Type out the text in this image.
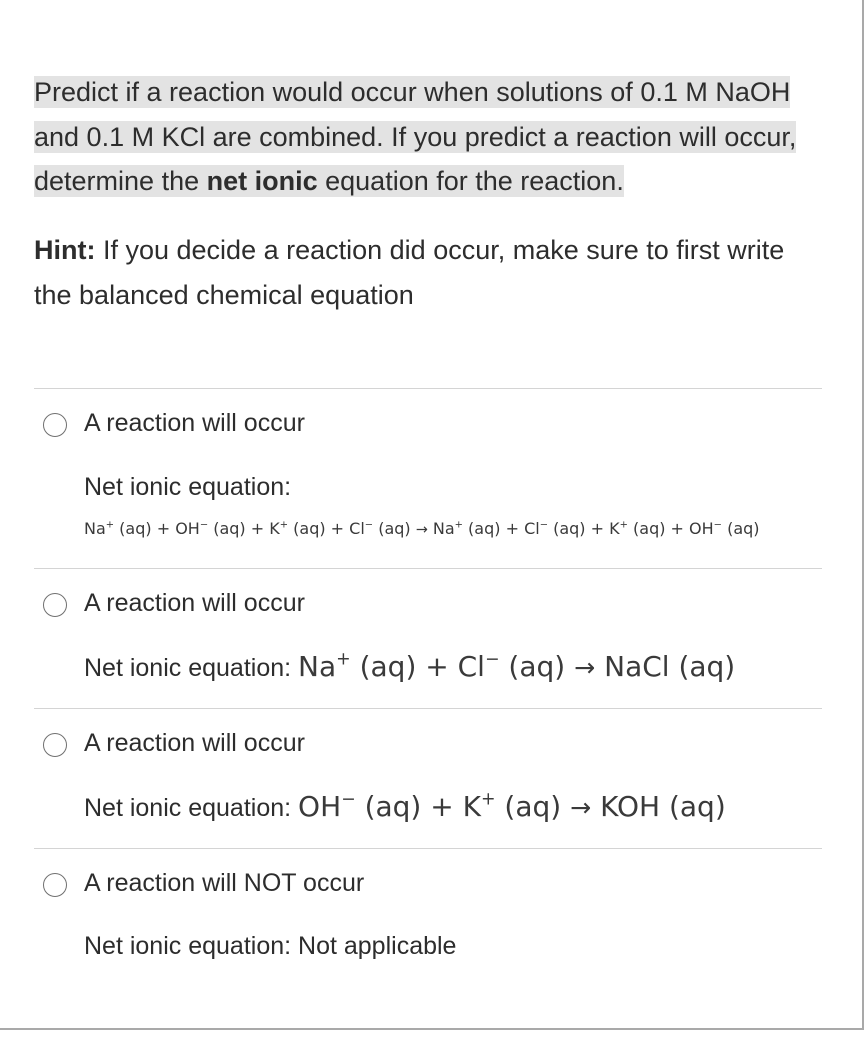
Predict if a reaction would occur when solutions of 0.1 M NaOH and 0.1 M KCl are combined. If you predict a reaction will occur, determine the net ionic equation for the reaction.
Hint: If you decide a reaction did occur, make sure to first write the balanced chemical equation
A reaction will occur
Net ionic equation:
Na+ (aq) + OH− (aq) + K+ (aq) + Cl− (aq) → Na+ (aq) + Cl− (aq) + K+ (aq) + OH− (aq)
A reaction will occur
Net ionic equation: Na+ (aq) + Cl− (aq) → NaCl (aq)
A reaction will occur
Net ionic equation: OH− (aq) + K+ (aq) → KOH (aq)
A reaction will NOT occur
Net ionic equation: Not applicable
